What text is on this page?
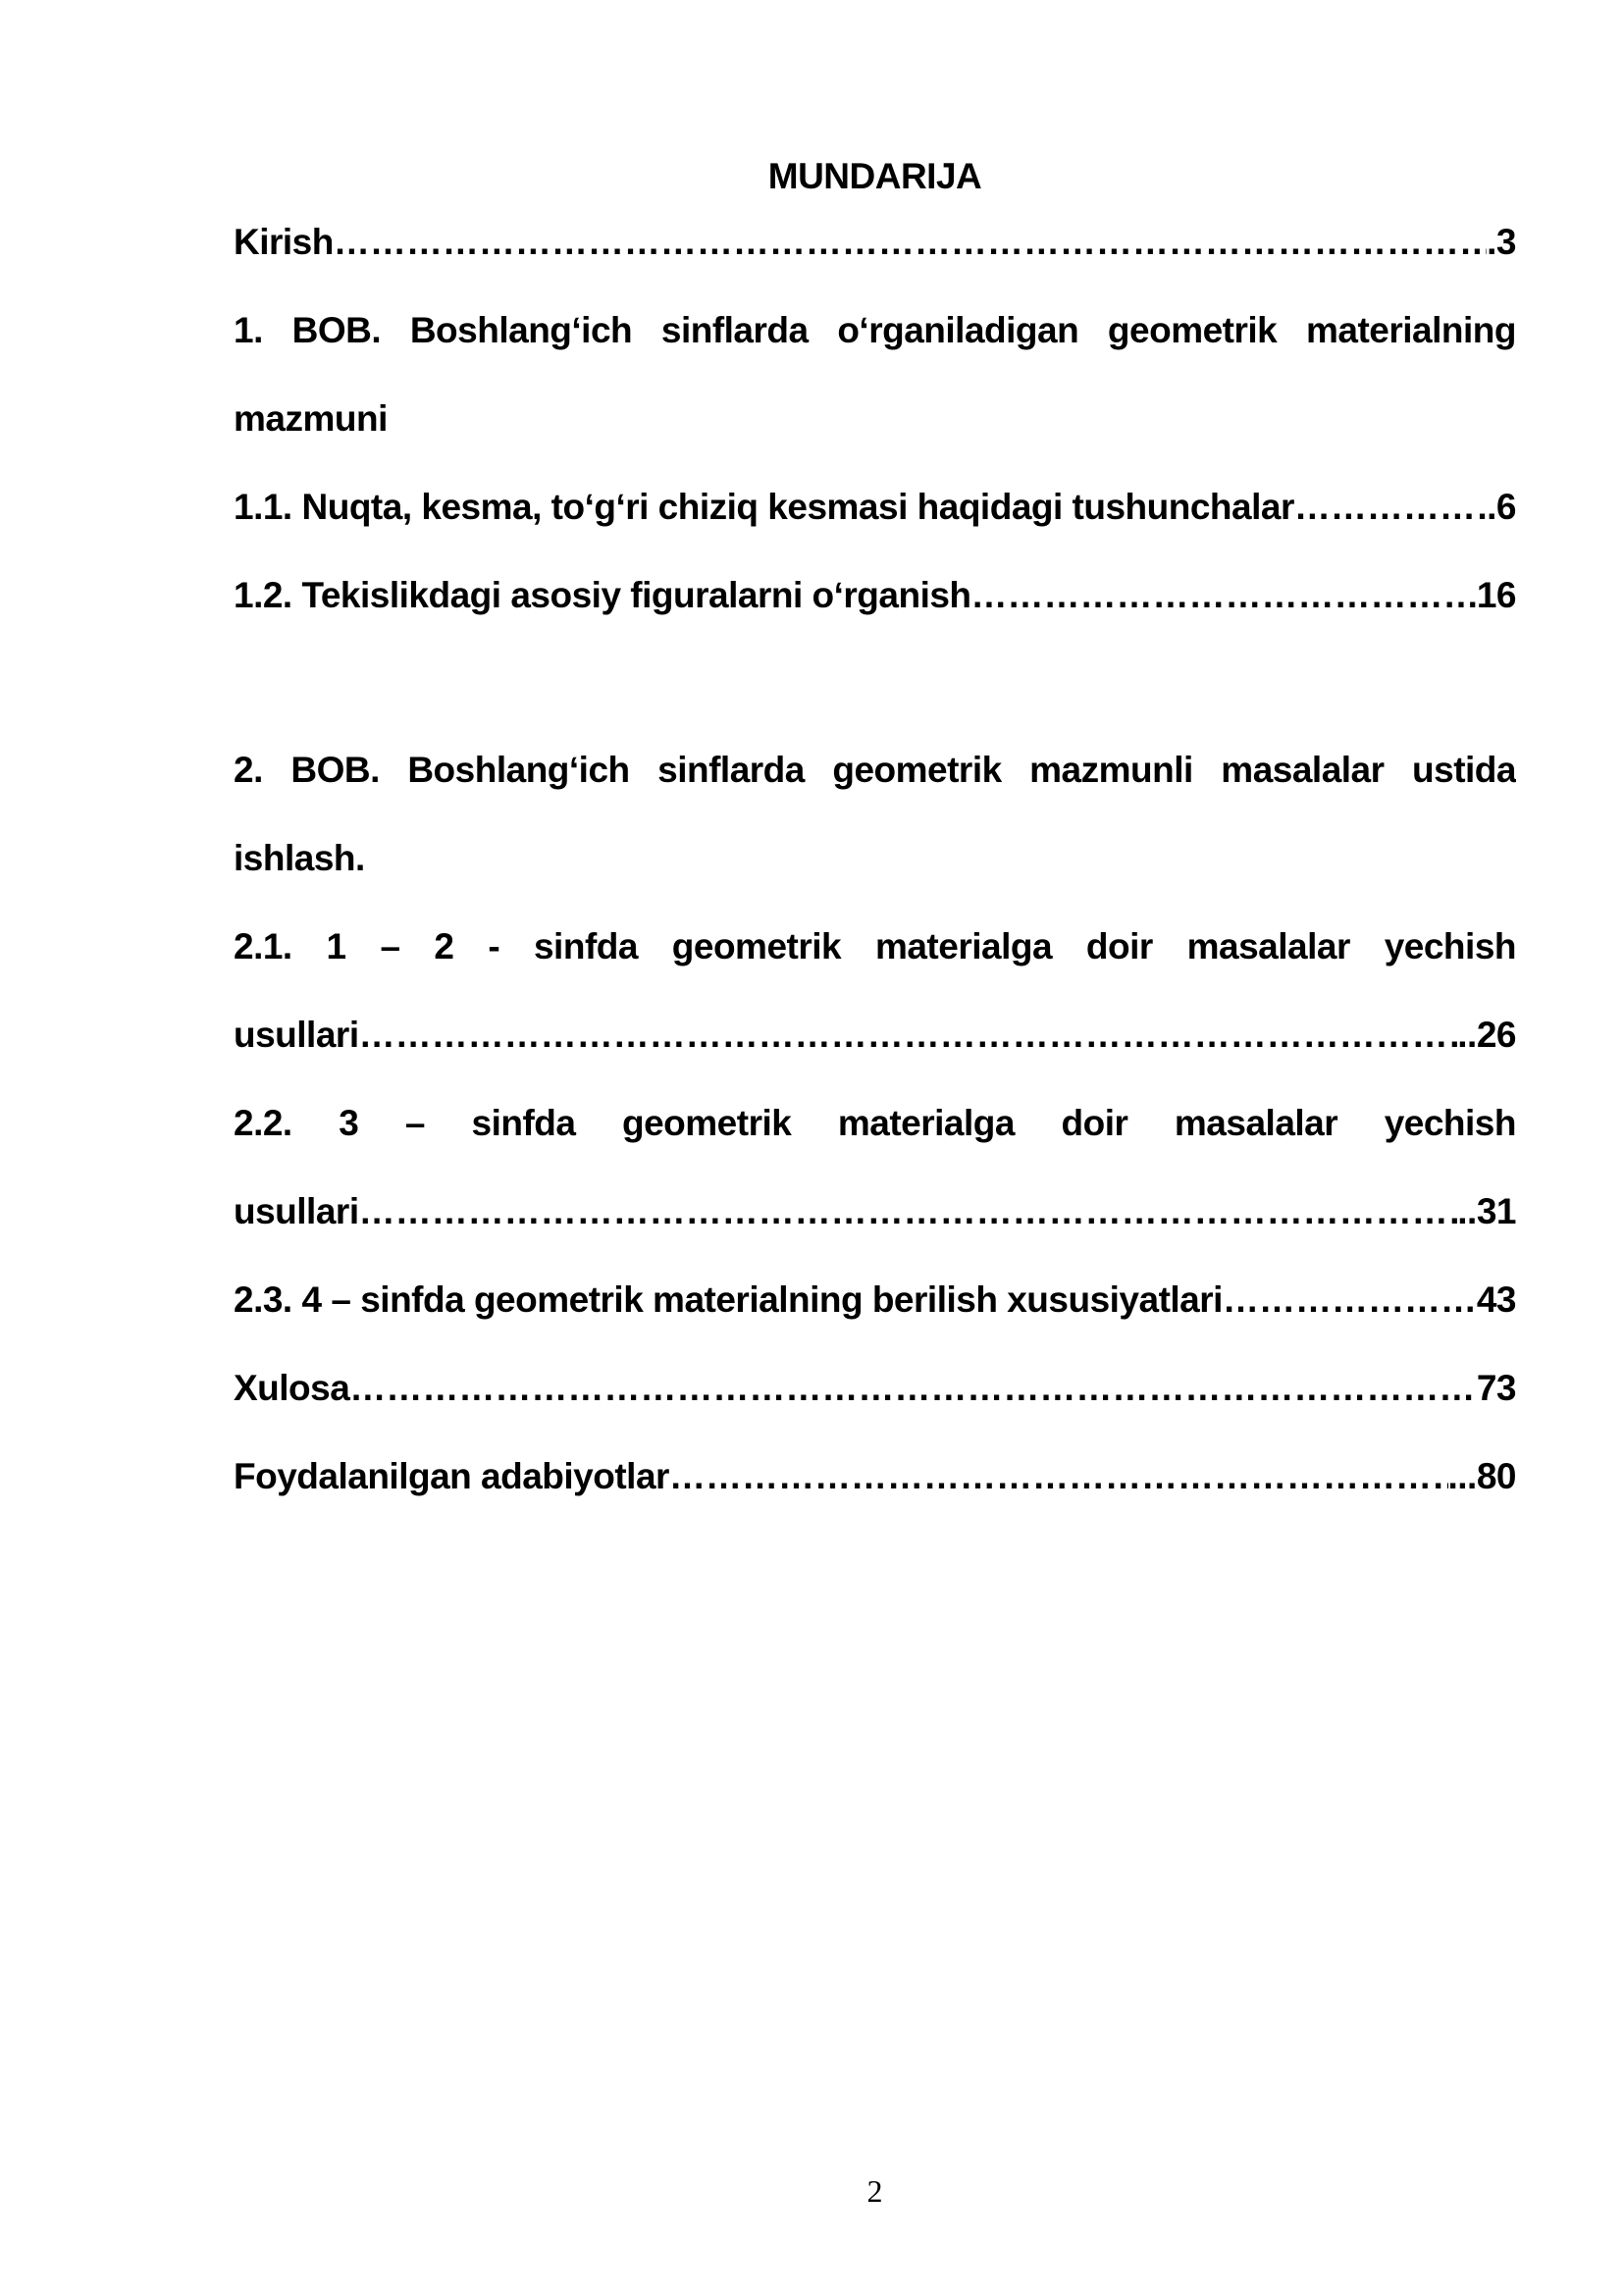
MUNDARIJA
Kirish ……………………………………………………………………………………………………………………………………………	.3
1. BOB. Boshlang‘ich sinflarda o‘rganiladigan geometrik materialning
mazmuni
1.1. Nuqta, kesma, to‘g‘ri chiziq kesmasi haqidagi tushunchalar ……………………………………………………………………………………………………………………………………………	.6
1.2. Tekislikdagi asosiy figuralarni o‘rganish ……………………………………………………………………………………………………………………………………………	16
2. BOB. Boshlang‘ich sinflarda geometrik mazmunli masalalar ustida
ishlash.
2.1. 1 – 2 - sinfda geometrik materialga doir masalalar yechish
usullari ……………………………………………………………………………………………………………………………………………	..26
2.2. 3 – sinfda geometrik materialga doir masalalar yechish
usullari ……………………………………………………………………………………………………………………………………………	..31
2.3. 4 – sinfda geometrik materialning berilish xususiyatlari ……………………………………………………………………………………………………………………………………………	43
Xulosa ……………………………………………………………………………………………………………………………………………	73
Foydalanilgan adabiyotlar ……………………………………………………………………………………………………………………………………………	...80
2
